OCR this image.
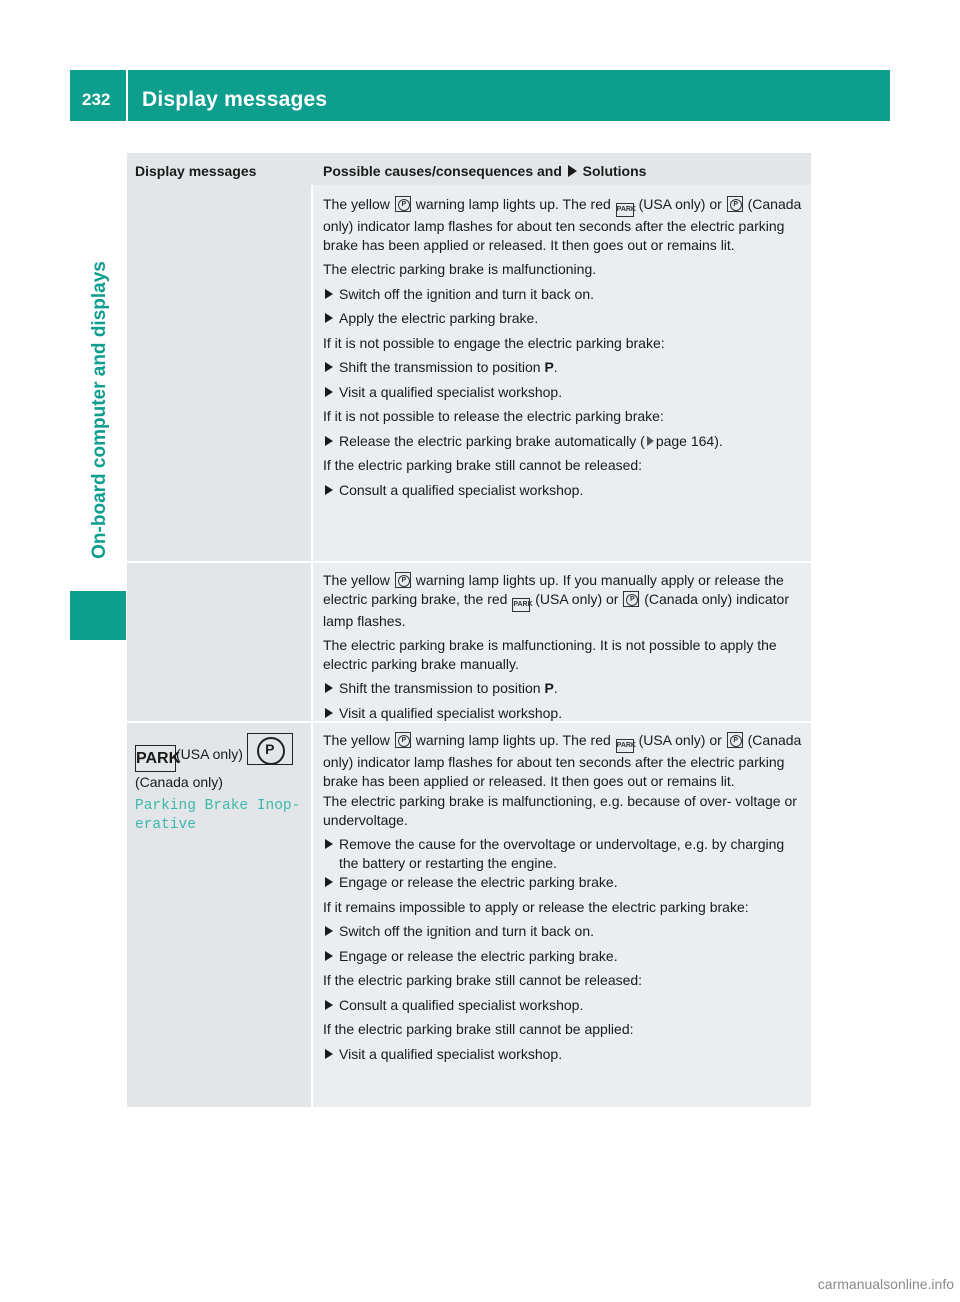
232 Display messages
On-board computer and displays
Display messages	Possible causes/consequences and Solutions

The yellow P warning lamp lights up. The red PARK (USA only) or P (Canada only) indicator lamp flashes for about ten seconds after the electric parking brake has been applied or released. It then goes out or remains lit.

The electric parking brake is malfunctioning.

Switch off the ignition and turn it back on.

Apply the electric parking brake.

If it is not possible to engage the electric parking brake:

Shift the transmission to position P.

Visit a qualified specialist workshop.

If it is not possible to release the electric parking brake:

Release the electric parking brake automatically ( page 164).

If the electric parking brake still cannot be released:

Consult a qualified specialist workshop.

The yellow P warning lamp lights up. If you manually apply or release the electric parking brake, the red PARK (USA only) or P (Canada only) indicator lamp flashes.

The electric parking brake is malfunctioning. It is not possible to apply the electric parking brake manually.

Shift the transmission to position P.

Visit a qualified specialist workshop.

PARK(USA only) P(Canada only)
Parking Brake Inop‐ erative

The yellow P warning lamp lights up. The red PARK (USA only) or P (Canada only) indicator lamp flashes for about ten seconds after the electric parking brake has been applied or released. It then goes out or remains lit.

The electric parking brake is malfunctioning, e.g. because of over‐ voltage or undervoltage.

Remove the cause for the overvoltage or undervoltage, e.g. by charging the battery or restarting the engine.

Engage or release the electric parking brake.

If it remains impossible to apply or release the electric parking brake:

Switch off the ignition and turn it back on.

Engage or release the electric parking brake.

If the electric parking brake still cannot be released:

Consult a qualified specialist workshop.

If the electric parking brake still cannot be applied:

Visit a qualified specialist workshop.

carmanualsonline.info
